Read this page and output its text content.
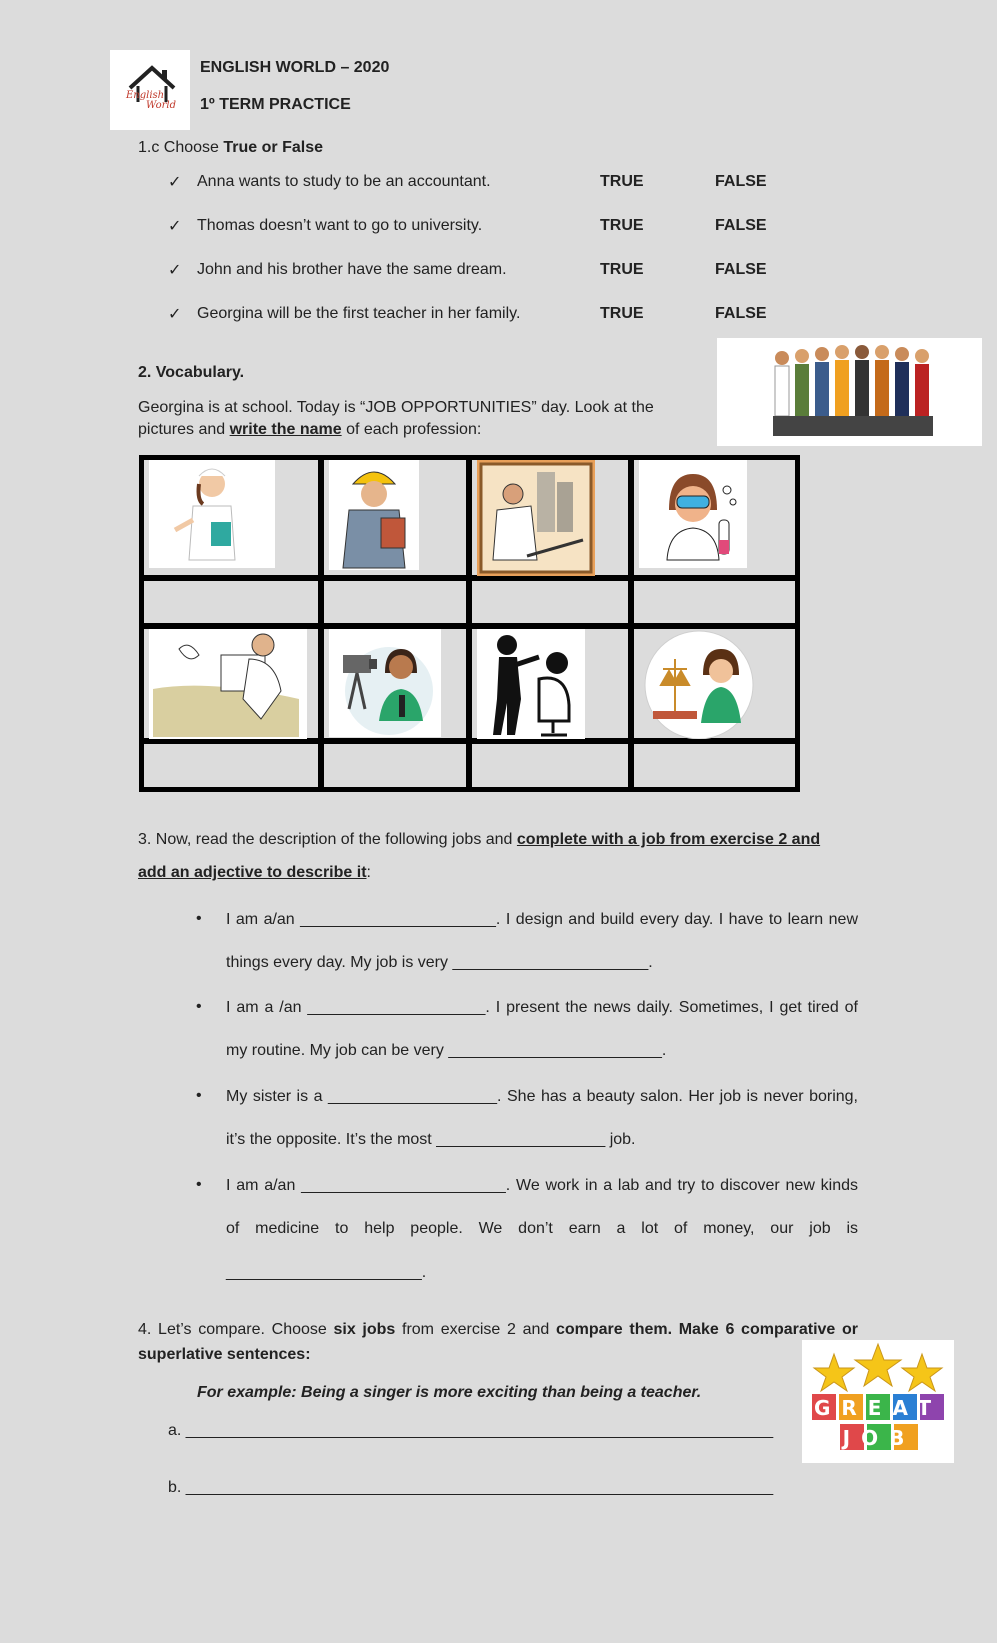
English
World
ENGLISH WORLD – 2020
1º TERM PRACTICE
1.c Choose True or False
✓ Anna wants to study to be an accountant.	TRUE	FALSE
✓ Thomas doesn’t want to go to university.	TRUE	FALSE
✓ John and his brother have the same dream.	TRUE	FALSE
✓ Georgina will be the first teacher in her family.	TRUE	FALSE
2. Vocabulary.
Georgina is at school. Today is “JOB OPPORTUNITIES” day. Look at the
pictures and write the name of each profession:
3. Now, read the description of the following jobs and complete with a job from exercise 2 and
add an adjective to describe it:
• I am a/an ______________________. I design and build every day. I have to learn new
things every day. My job is very ______________________.
• I am a /an ____________________. I present the news daily. Sometimes, I get tired of
my routine. My job can be very ________________________.
• My sister is a ___________________. She has a beauty salon. Her job is never boring,
it’s the opposite. It’s the most ___________________ job.
• I am a/an _______________________. We work in a lab and try to discover new kinds
of medicine to help people. We don’t earn a lot of money, our job is
______________________.
4. Let’s compare. Choose six jobs from exercise 2 and compare them. Make 6 comparative or
superlative sentences:
For example: Being a singer is more exciting than being a teacher.
a. __________________________________________________________________
b. __________________________________________________________________
GREAT
JOB
